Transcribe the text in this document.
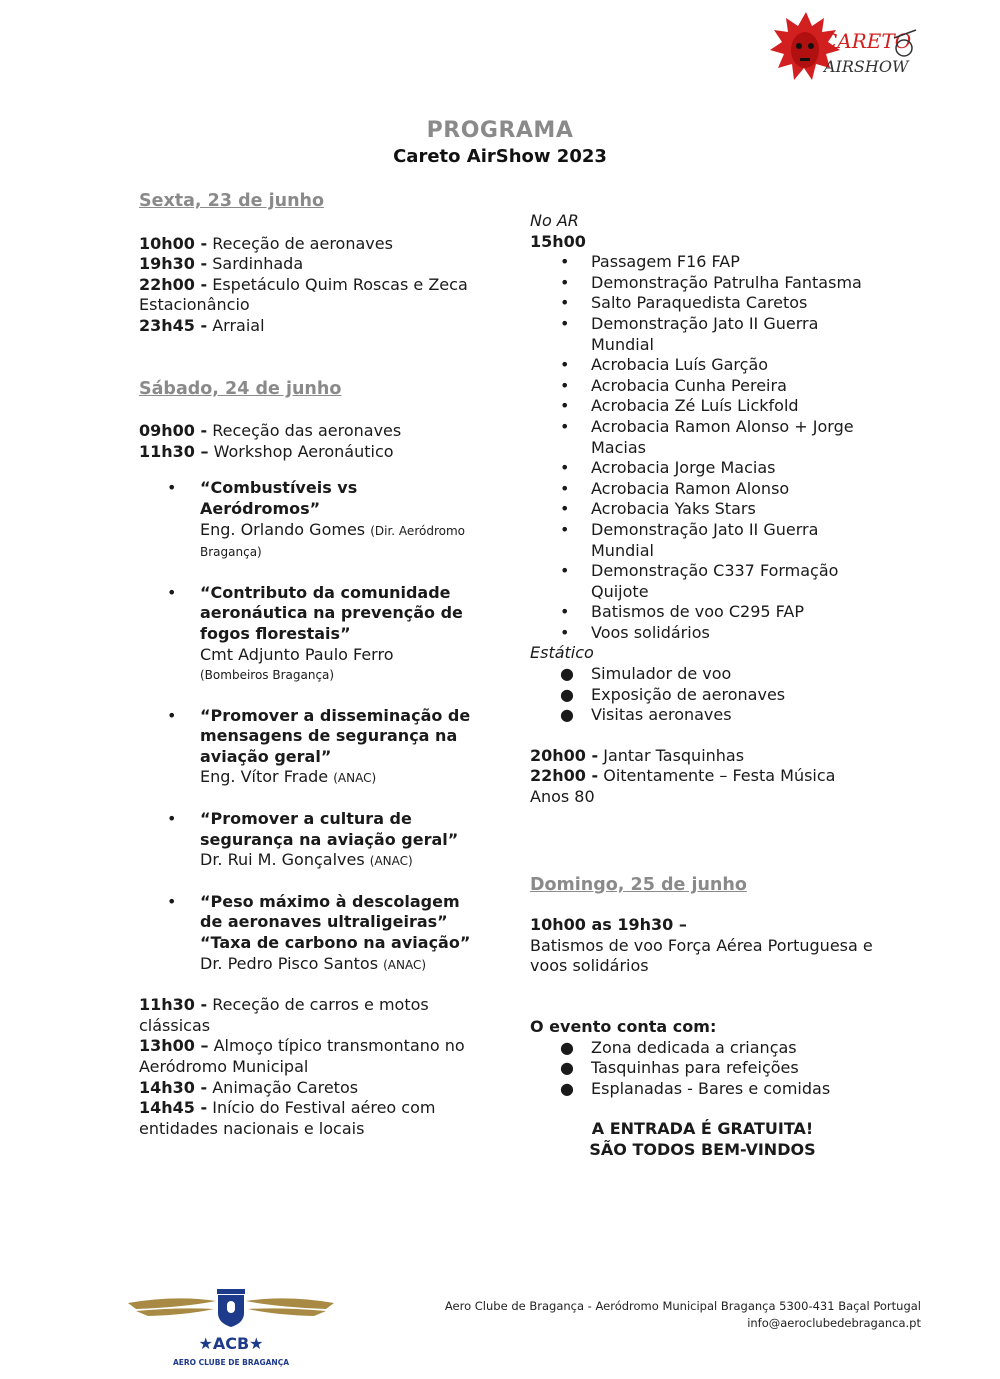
CARETO
AIRSHOW
PROGRAMA
Careto AirShow 2023

Sexta, 23 de junho

10h00 - Receção de aeronaves

19h30 - Sardinhada

22h00 - Espetáculo Quim Roscas e Zeca Estacionâncio

23h45 - Arraial

Sábado, 24 de junho

09h00 - Receção das aeronaves

11h30 – Workshop Aeronáutico

• “Combustíveis vs Aeródromos”

Eng. Orlando Gomes (Dir. Aeródromo Bragança)

• “Contributo da comunidade aeronáutica na prevenção de fogos florestais”

Cmt Adjunto Paulo Ferro

(Bombeiros Bragança)

• “Promover a disseminação de mensagens de segurança na aviação geral”

Eng. Vítor Frade (ANAC)

• “Promover a cultura de segurança na aviação geral”

Dr. Rui M. Gonçalves (ANAC)

• “Peso máximo à descolagem de aeronaves ultraligeiras”
“Taxa de carbono na aviação”

Dr. Pedro Pisco Santos (ANAC)

11h30 - Receção de carros e motos clássicas

13h00 – Almoço típico transmontano no Aeródromo Municipal

14h30 - Animação Caretos

14h45 - Início do Festival aéreo com entidades nacionais e locais

No AR

15h00

• Passagem F16 FAP
• Demonstração Patrulha Fantasma
• Salto Paraquedista Caretos
• Demonstração Jato II Guerra Mundial
• Acrobacia Luís Garção
• Acrobacia Cunha Pereira
• Acrobacia Zé Luís Lickfold
• Acrobacia Ramon Alonso + Jorge Macias
• Acrobacia Jorge Macias
• Acrobacia Ramon Alonso
• Acrobacia Yaks Stars
• Demonstração Jato II Guerra Mundial
• Demonstração C337 Formação Quijote
• Batismos de voo C295 FAP
• Voos solidários

Estático

● Simulador de voo
● Exposição de aeronaves
● Visitas aeronaves

20h00 - Jantar Tasquinhas

22h00 - Oitentamente – Festa Música Anos 80

Domingo, 25 de junho

10h00 as 19h30 –

Batismos de voo Força Aérea Portuguesa e voos solidários

O evento conta com:

● Zona dedicada a crianças
● Tasquinhas para refeições
● Esplanadas - Bares e comidas

A ENTRADA É GRATUITA!

SÃO TODOS BEM-VINDOS

★ACB★
AERO CLUBE DE BRAGANÇA
Aero Clube de Bragança - Aeródromo Municipal Bragança 5300-431 Baçal Portugal
info@aeroclubedebraganca.pt
